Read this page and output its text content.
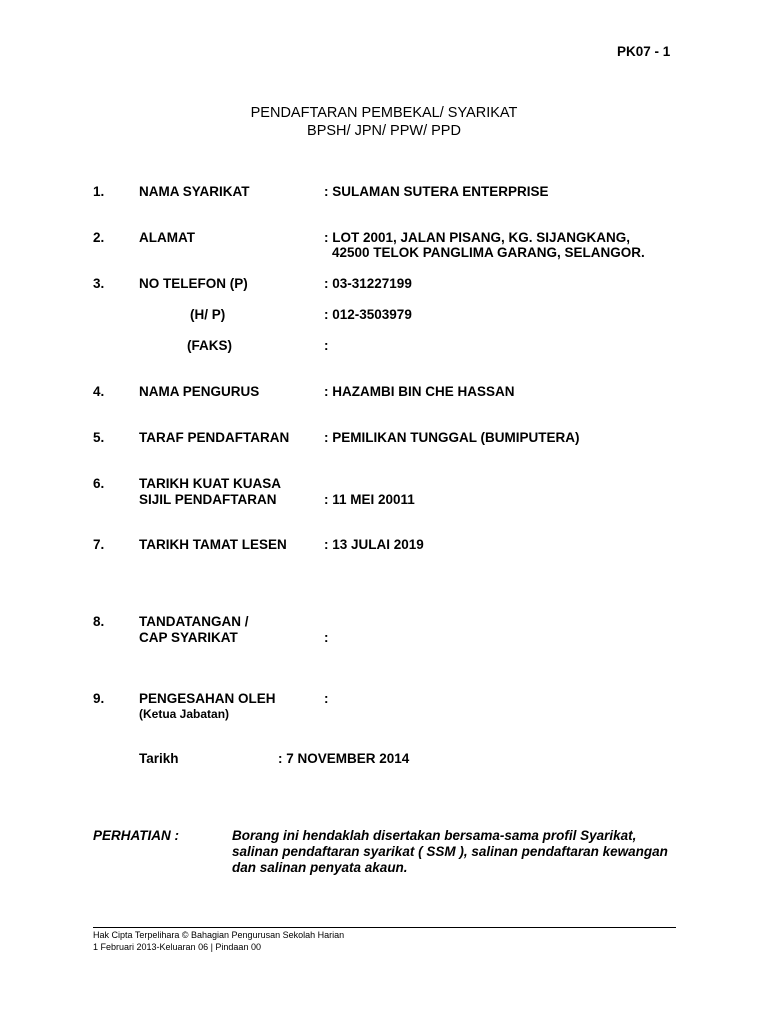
PK07 - 1
PENDAFTARAN PEMBEKAL/ SYARIKAT
BPSH/ JPN/ PPW/ PPD
1.	NAMA SYARIKAT	: SULAMAN SUTERA ENTERPRISE
2.	ALAMAT	: LOT 2001, JALAN PISANG, KG. SIJANGKANG,
42500 TELOK PANGLIMA GARANG, SELANGOR.
3.	NO TELEFON (P)	: 03-31227199
(H/ P)	: 012-3503979
(FAKS)	:
4.	NAMA PENGURUS	: HAZAMBI BIN CHE HASSAN
5.	TARAF PENDAFTARAN	: PEMILIKAN TUNGGAL (BUMIPUTERA)
6.	TARIKH KUAT KUASA
SIJIL PENDAFTARAN	: 11 MEI 20011
7.	TARIKH TAMAT LESEN	: 13 JULAI 2019
8.	TANDATANGAN /
CAP SYARIKAT	:
9.	PENGESAHAN OLEH
(Ketua Jabatan)
:
Tarikh	: 7 NOVEMBER 2014
PERHATIAN :	Borang ini hendaklah disertakan bersama-sama profil Syarikat, salinan pendaftaran syarikat ( SSM ), salinan pendaftaran kewangan dan salinan penyata akaun.
Hak Cipta Terpelihara © Bahagian Pengurusan Sekolah Harian
1 Februari 2013-Keluaran 06 | Pindaan 00
